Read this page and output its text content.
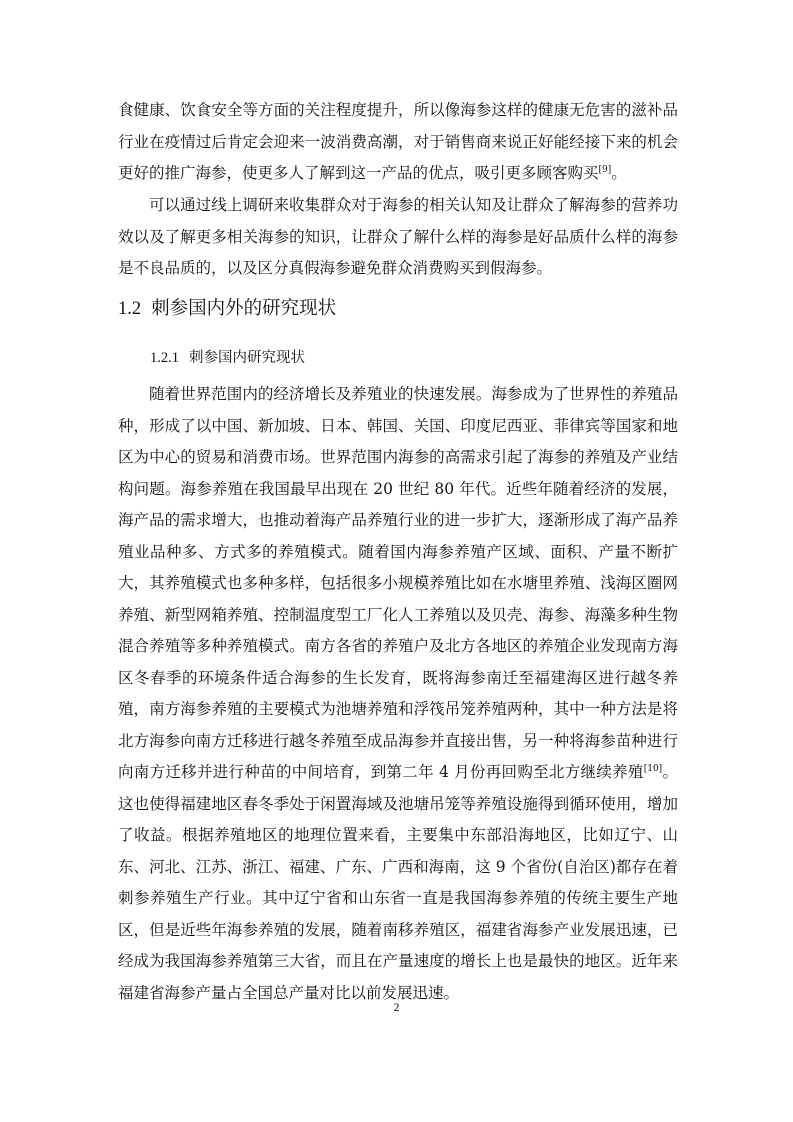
食健康、饮食安全等方面的关注程度提升，所以像海参这样的健康无危害的滋补品行业在疫情过后肯定会迎来一波消费高潮，对于销售商来说正好能经接下来的机会更好的推广海参，使更多人了解到这一产品的优点，吸引更多顾客购买[9]。

可以通过线上调研来收集群众对于海参的相关认知及让群众了解海参的营养功效以及了解更多相关海参的知识，让群众了解什么样的海参是好品质什么样的海参是不良品质的，以及区分真假海参避免群众消费购买到假海参。

1.2 刺参国内外的研究现状
1.2.1 刺参国内研究现状

随着世界范围内的经济增长及养殖业的快速发展。海参成为了世界性的养殖品种，形成了以中国、新加坡、日本、韩国、关国、印度尼西亚、菲律宾等国家和地区为中心的贸易和消费市场。世界范围内海参的高需求引起了海参的养殖及产业结构问题。海参养殖在我国最早出现在 20 世纪 80 年代。近些年随着经济的发展，海产品的需求增大，也推动着海产品养殖行业的进一步扩大，逐渐形成了海产品养殖业品种多、方式多的养殖模式。随着国内海参养殖产区域、面积、产量不断扩大，其养殖模式也多种多样，包括很多小规模养殖比如在水塘里养殖、浅海区圈网养殖、新型网箱养殖、控制温度型工厂化人工养殖以及贝壳、海参、海藻多种生物混合养殖等多种养殖模式。南方各省的养殖户及北方各地区的养殖企业发现南方海区冬春季的环境条件适合海参的生长发育，既将海参南迁至福建海区进行越冬养殖，南方海参养殖的主要模式为池塘养殖和浮筏吊笼养殖两种，其中一种方法是将北方海参向南方迁移进行越冬养殖至成品海参并直接出售，另一种将海参苗种进行向南方迁移并进行种苗的中间培育，到第二年 4 月份再回购至北方继续养殖[10]。这也使得福建地区春冬季处于闲置海域及池塘吊笼等养殖设施得到循环使用，增加了收益。根据养殖地区的地理位置来看，主要集中东部沿海地区，比如辽宁、山东、河北、江苏、浙江、福建、广东、广西和海南，这 9 个省份(自治区)都存在着刺参养殖生产行业。其中辽宁省和山东省一直是我国海参养殖的传统主要生产地区，但是近些年海参养殖的发展，随着南移养殖区，福建省海参产业发展迅速，已经成为我国海参养殖第三大省，而且在产量速度的增长上也是最快的地区。近年来福建省海参产量占全国总产量对比以前发展迅速。

2
